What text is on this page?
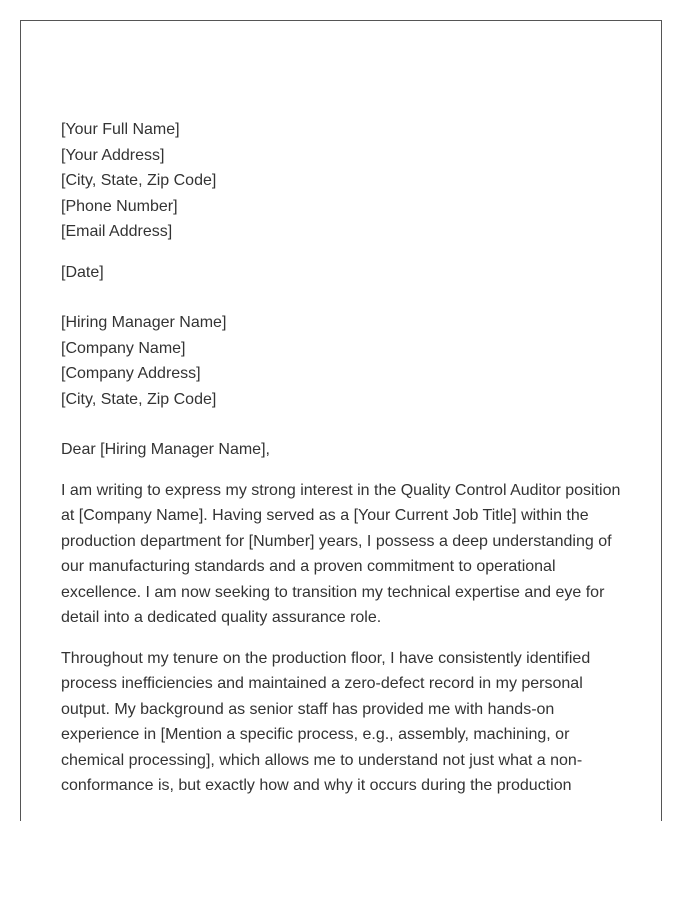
[Your Full Name]
[Your Address]
[City, State, Zip Code]
[Phone Number]
[Email Address]
[Date]
[Hiring Manager Name]
[Company Name]
[Company Address]
[City, State, Zip Code]
Dear [Hiring Manager Name],

I am writing to express my strong interest in the Quality Control Auditor position
at [Company Name]. Having served as a [Your Current Job Title] within the
production department for [Number] years, I possess a deep understanding of
our manufacturing standards and a proven commitment to operational
excellence. I am now seeking to transition my technical expertise and eye for
detail into a dedicated quality assurance role.

Throughout my tenure on the production floor, I have consistently identified
process inefficiencies and maintained a zero-defect record in my personal
output. My background as senior staff has provided me with hands-on
experience in [Mention a specific process, e.g., assembly, machining, or
chemical processing], which allows me to understand not just what a non-
conformance is, but exactly how and why it occurs during the production
